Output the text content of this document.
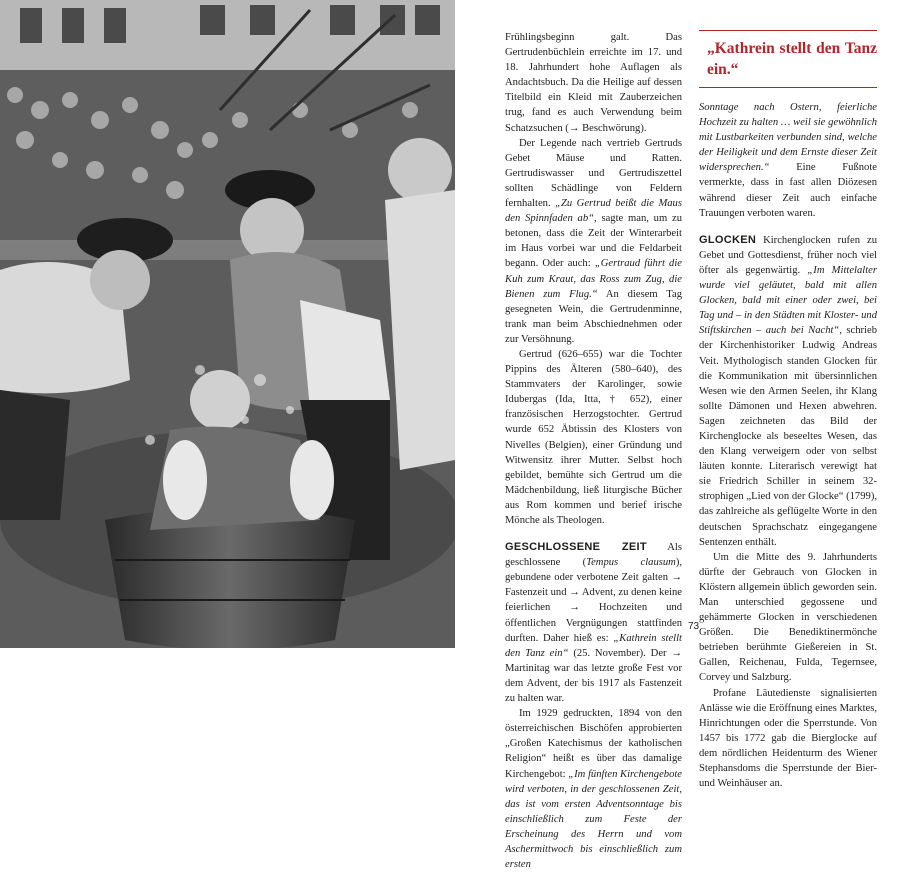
Frühlingsbeginn galt. Das Gertrudenbüchlein erreichte im 17. und 18. Jahrhundert hohe Auflagen als Andachtsbuch. Da die Heilige auf dessen Titelbild ein Kleid mit Zauberzeichen trug, fand es auch Verwendung beim Schatzsuchen (→ Beschwörung).

Der Legende nach vertrieb Gertruds Gebet Mäuse und Ratten. Gertrudiswasser und Gertrudiszettel sollten Schädlinge von Feldern fernhalten. „Zu Gertrud beißt die Maus den Spinnfaden ab“, sagte man, um zu betonen, dass die Zeit der Winterarbeit im Haus vorbei war und die Feldarbeit begann. Oder auch: „Gertraud führt die Kuh zum Kraut, das Ross zum Zug, die Bienen zum Flug.“ An diesem Tag gesegneten Wein, die Gertrudenminne, trank man beim Abschiednehmen oder zur Versöhnung.

Gertrud (626–655) war die Tochter Pippins des Älteren (580–640), des Stammvaters der Karolinger, sowie Idubergas (Ida, Itta, † 652), einer französischen Herzogstochter. Gertrud wurde 652 Äbtissin des Klosters von Nivelles (Belgien), einer Gründung und Witwensitz ihrer Mutter. Selbst hoch gebildet, bemühte sich Gertrud um die Mädchenbildung, ließ liturgische Bücher aus Rom kommen und berief irische Mönche als Theologen.

GESCHLOSSENE ZEIT Als geschlossene (Tempus clausum), gebundene oder verbotene Zeit galten → Fastenzeit und → Advent, zu denen keine feierlichen → Hochzeiten und öffentlichen Vergnügungen stattfinden durften. Daher hieß es: „Kathrein stellt den Tanz ein“ (25. November). Der → Martinitag war das letzte große Fest vor dem Advent, der bis 1917 als Fastenzeit zu halten war.

Im 1929 gedruckten, 1894 von den österreichischen Bischöfen approbierten „Großen Katechismus der katholischen Religion“ heißt es über das damalige Kirchengebot: „Im fünften Kirchengebote wird verboten, in der geschlossenen Zeit, das ist vom ersten Adventsonntage bis einschließlich zum Feste der Erscheinung des Herrn und vom Aschermittwoch bis einschließlich zum ersten

„Kathrein stellt den Tanz ein.“

Sonntage nach Ostern, feierliche Hochzeit zu halten … weil sie gewöhnlich mit Lustbarkeiten verbunden sind, welche der Heiligkeit und dem Ernste dieser Zeit widersprechen.“ Eine Fußnote vermerkte, dass in fast allen Diözesen während dieser Zeit auch einfache Trauungen verboten waren.

GLOCKEN Kirchenglocken rufen zu Gebet und Gottesdienst, früher noch viel öfter als gegenwärtig. „Im Mittelalter wurde viel geläutet, bald mit allen Glocken, bald mit einer oder zwei, bei Tag und – in den Städten mit Kloster- und Stiftskirchen – auch bei Nacht“, schrieb der Kirchenhistoriker Ludwig Andreas Veit. Mythologisch standen Glocken für die Kommunikation mit übersinnlichen Wesen wie den Armen Seelen, ihr Klang sollte Dämonen und Hexen abwehren. Sagen zeichneten das Bild der Kirchenglocke als beseeltes Wesen, das den Klang verweigern oder von selbst läuten konnte. Literarisch verewigt hat sie Friedrich Schiller in seinem 32-strophigen „Lied von der Glocke“ (1799), das zahlreiche als geflügelte Worte in den deutschen Sprachschatz eingegangene Sentenzen enthält.

Um die Mitte des 9. Jahrhunderts dürfte der Gebrauch von Glocken in Klöstern allgemein üblich geworden sein. Man unterschied gegossene und gehämmerte Glocken in verschiedenen Größen. Die Benediktinermönche betrieben berühmte Gießereien in St. Gallen, Reichenau, Fulda, Tegernsee, Corvey und Salzburg.

Profane Läutedienste signalisierten Anlässe wie die Eröffnung eines Marktes, Hinrichtungen oder die Sperrstunde. Von 1457 bis 1772 gab die Bierglocke auf dem nördlichen Heidenturm des Wiener Stephansdoms die Sperrstunde der Bier- und Weinhäuser an.

73
